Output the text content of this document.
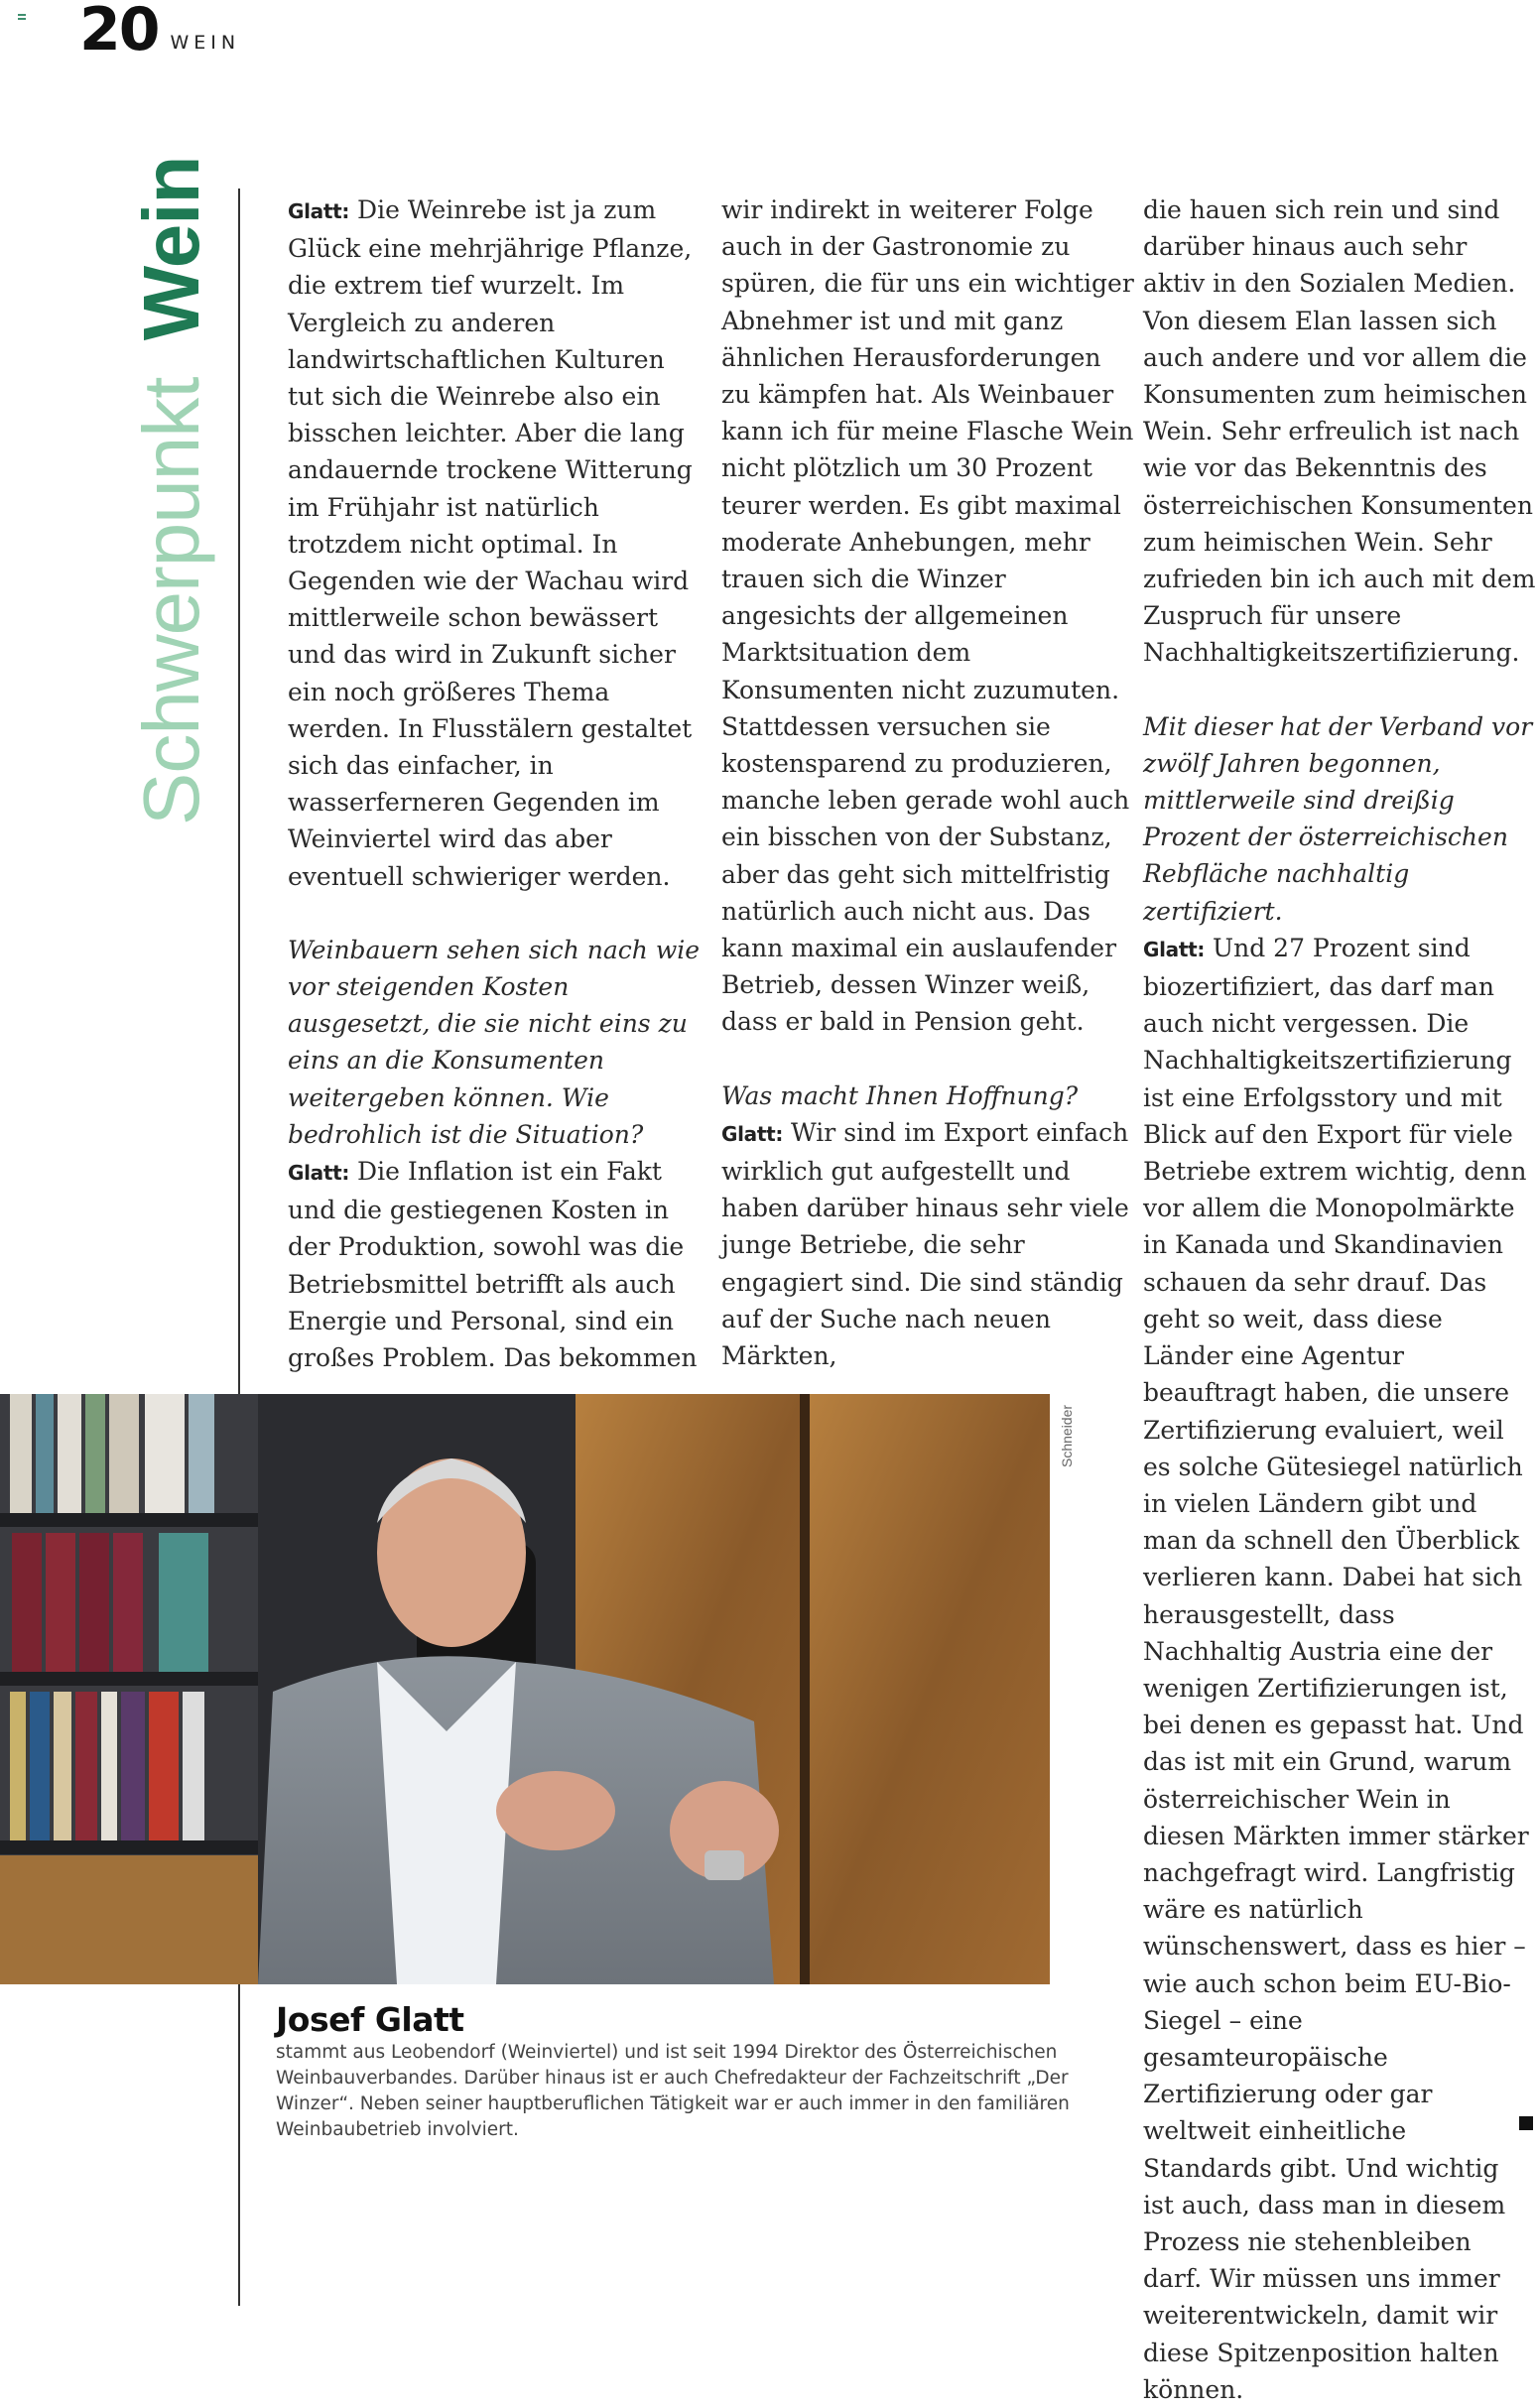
20 WEIN
Schwerpunkt Wein	Glatt: Die Weinrebe ist ja zum Glück eine mehrjährige Pflanze, die extrem tief wurzelt. Im Vergleich zu anderen landwirtschaftlichen Kulturen tut sich die Weinrebe also ein bisschen leichter. Aber die lang andauernde trockene Witterung im Frühjahr ist natürlich trotzdem nicht optimal. In Gegenden wie der Wachau wird mittlerweile schon bewässert und das wird in Zukunft sicher ein noch größeres Thema werden. In Flusstälern gestaltet sich das einfacher, in wasserferneren Gegenden im Weinviertel wird das aber eventuell schwieriger werden.

Weinbauern sehen sich nach wie vor steigenden Kosten ausgesetzt, die sie nicht eins zu eins an die Konsumenten weitergeben können. Wie bedrohlich ist die Situation?

Glatt: Die Inflation ist ein Fakt und die gestiegenen Kosten in der Produktion, sowohl was die Betriebsmittel betrifft als auch Energie und Personal, sind ein großes Problem. Das bekommen

wir indirekt in weiterer Folge auch in der Gastronomie zu spüren, die für uns ein wichtiger Abnehmer ist und mit ganz ähnlichen Herausforderungen zu kämpfen hat. Als Weinbauer kann ich für meine Flasche Wein nicht plötzlich um 30 Prozent teurer werden. Es gibt maximal moderate Anhebungen, mehr trauen sich die Winzer angesichts der allgemeinen Marktsituation dem Konsumenten nicht zuzumuten. Stattdessen versuchen sie kostensparend zu produzieren, manche leben gerade wohl auch ein bisschen von der Substanz, aber das geht sich mittelfristig natürlich auch nicht aus. Das kann maximal ein auslaufender Betrieb, dessen Winzer weiß, dass er bald in Pension geht.

Was macht Ihnen Hoffnung?

Glatt: Wir sind im Export einfach wirklich gut aufgestellt und haben darüber hinaus sehr viele junge Betriebe, die sehr engagiert sind. Die sind ständig auf der Suche nach neuen Märkten,

die hauen sich rein und sind darüber hinaus auch sehr aktiv in den Sozialen Medien. Von diesem Elan lassen sich auch andere und vor allem die Konsumenten zum heimischen Wein. Sehr erfreulich ist nach wie vor das Bekenntnis des österreichischen Konsumenten zum heimischen Wein. Sehr zufrieden bin ich auch mit dem Zuspruch für unsere Nachhaltigkeitszertifizierung.

Mit dieser hat der Verband vor zwölf Jahren begonnen, mittlerweile sind dreißig Prozent der österreichischen Rebfläche nachhaltig zertifiziert.

Glatt: Und 27 Prozent sind biozertifiziert, das darf man auch nicht vergessen. Die Nachhaltigkeitszertifizierung ist eine Erfolgsstory und mit Blick auf den Export für viele Betriebe extrem wichtig, denn vor allem die Monopolmärkte in Kanada und Skandinavien schauen da sehr drauf. Das geht so weit, dass diese Länder eine Agentur beauftragt haben, die unsere Zertifizierung evaluiert, weil es solche Gütesiegel natürlich in vielen Ländern gibt und man da schnell den Überblick verlieren kann. Dabei hat sich herausgestellt, dass Nachhaltig Austria eine der wenigen Zertifizierungen ist, bei denen es gepasst hat. Und das ist mit ein Grund, warum österreichischer Wein in diesen Märkten immer stärker nachgefragt wird. Langfristig wäre es natürlich wünschenswert, dass es hier – wie auch schon beim EU-Bio-Siegel – eine gesamteuropäische Zertifizierung oder gar weltweit einheitliche Standards gibt. Und wichtig ist auch, dass man in diesem Prozess nie stehenbleiben darf. Wir müssen uns immer weiterentwickeln, damit wir diese Spitzenposition halten können.

Schneider
Josef Glatt
stammt aus Leobendorf (Weinviertel) und ist seit 1994 Direktor des Österreichischen Weinbauverbandes. Darüber hinaus ist er auch Chefredakteur der Fachzeitschrift „Der Winzer“. Neben seiner hauptberuflichen Tätigkeit war er auch immer in den familiären Weinbaubetrieb involviert.
